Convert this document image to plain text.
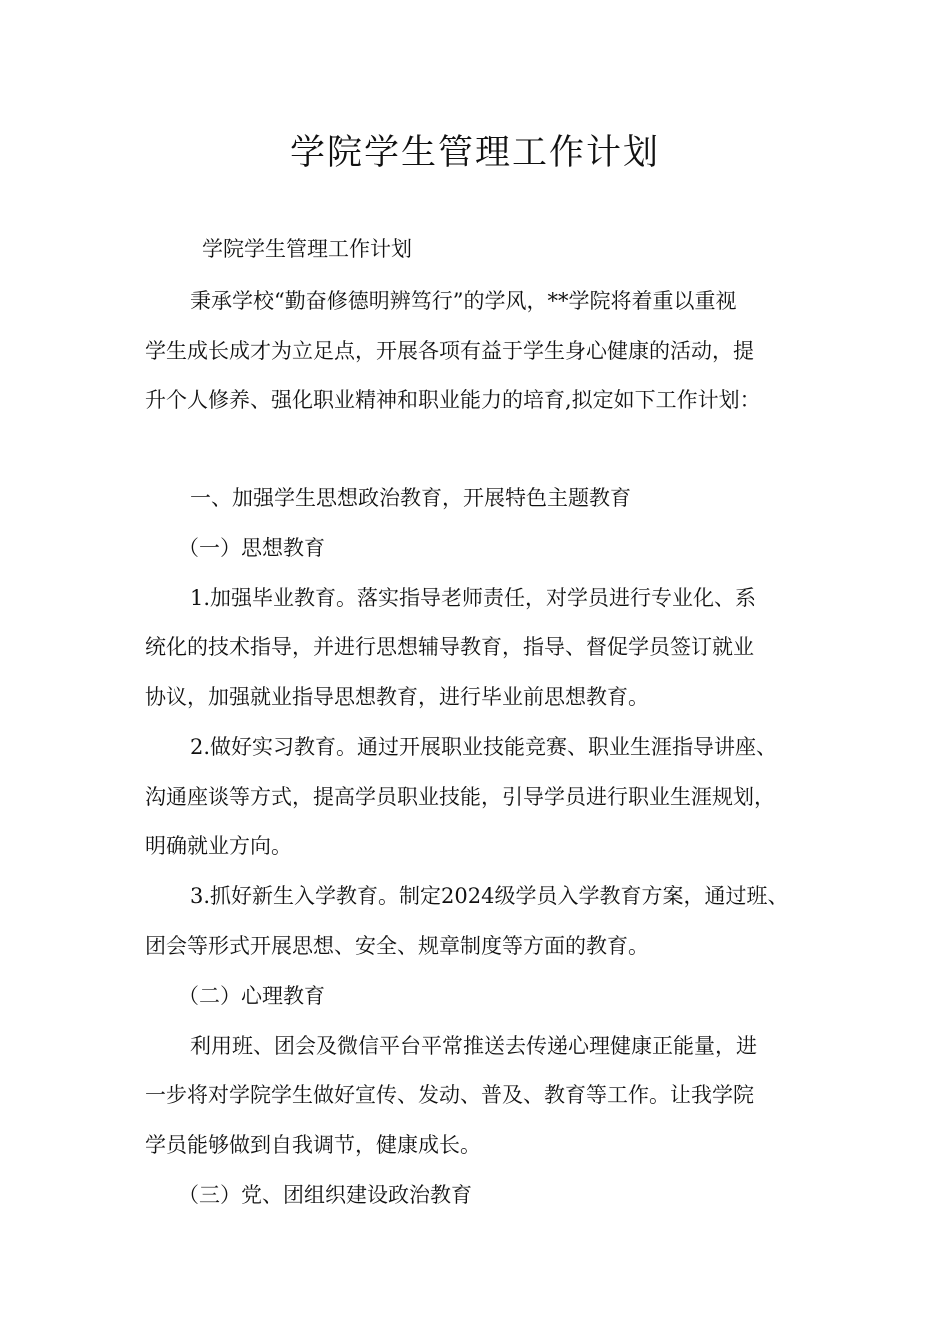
学院学生管理工作计划

学院学生管理工作计划

秉承学校“勤奋修德明辨笃行”的学风，**学院将着重以重视

学生成长成才为立足点，开展各项有益于学生身心健康的活动，提

升个人修养、强化职业精神和职业能力的培育,拟定如下工作计划：

一、加强学生思想政治教育，开展特色主题教育

（一）思想教育

1.加强毕业教育。落实指导老师责任，对学员进行专业化、系

统化的技术指导，并进行思想辅导教育，指导、督促学员签订就业

协议，加强就业指导思想教育，进行毕业前思想教育。

2.做好实习教育。通过开展职业技能竞赛、职业生涯指导讲座、

沟通座谈等方式，提高学员职业技能，引导学员进行职业生涯规划，

明确就业方向。

3.抓好新生入学教育。制定2024级学员入学教育方案，通过班、

团会等形式开展思想、安全、规章制度等方面的教育。

（二）心理教育

利用班、团会及微信平台平常推送去传递心理健康正能量，进

一步将对学院学生做好宣传、发动、普及、教育等工作。让我学院

学员能够做到自我调节，健康成长。

（三）党、团组织建设政治教育
